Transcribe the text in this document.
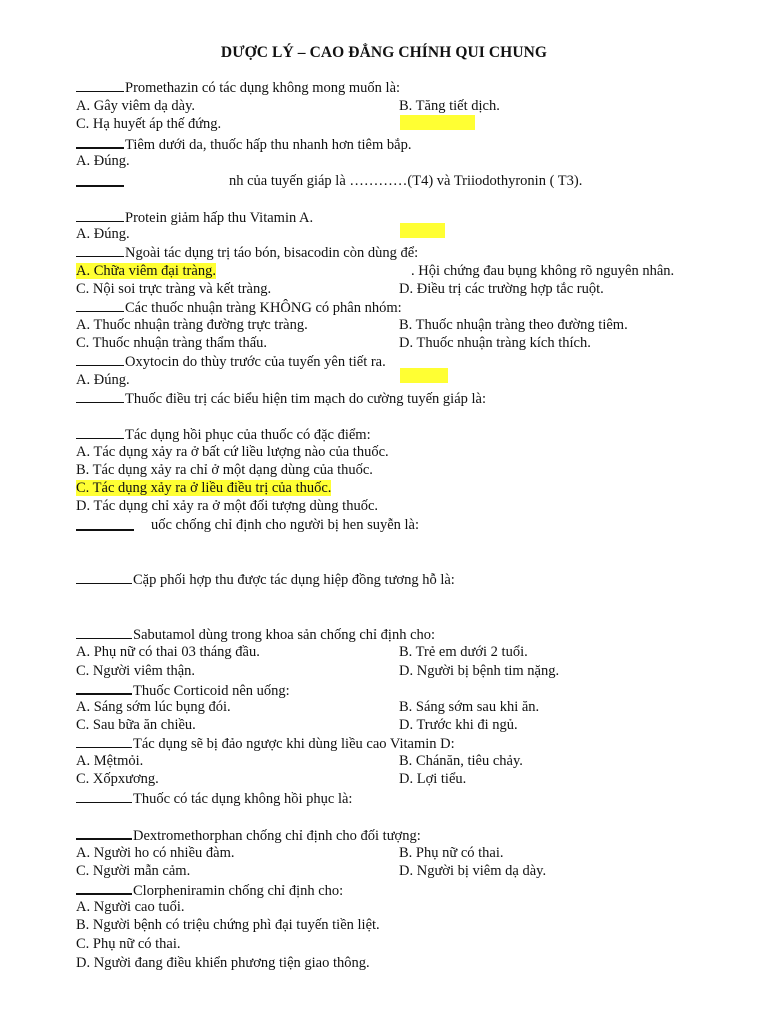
DƯỢC LÝ – CAO ĐẲNG CHÍNH QUI CHUNG
Promethazin có tác dụng không mong muốn là:
A. Gây viêm dạ dày.	B. Tăng tiết dịch.
C. Hạ huyết áp thế đứng.
Tiêm dưới da, thuốc hấp thu nhanh hơn tiêm bắp.
A. Đúng.
nh của tuyến giáp là …………(T4) và Triiodothyronin ( T3).
Protein giảm hấp thu Vitamin A.
A. Đúng.
Ngoài tác dụng trị táo bón, bisacodin còn dùng để:
A. Chữa viêm đại tràng.	. Hội chứng đau bụng không rõ nguyên nhân.
C. Nội soi trực tràng và kết tràng.	D. Điều trị các trường hợp tắc ruột.
Các thuốc nhuận tràng KHÔNG có phân nhóm:
A. Thuốc nhuận tràng đường trực tràng.	B. Thuốc nhuận tràng theo đường tiêm.
C. Thuốc nhuận tràng thẩm thấu.	D. Thuốc nhuận tràng kích thích.
Oxytocin do thùy trước của tuyến yên tiết ra.
A. Đúng.
Thuốc điều trị các biểu hiện tim mạch do cường tuyến giáp là:
Tác dụng hồi phục của thuốc có đặc điểm:
A. Tác dụng xảy ra ở bất cứ liều lượng nào của thuốc.
B. Tác dụng xảy ra chỉ ở một dạng dùng của thuốc.
C. Tác dụng xảy ra ở liều điều trị của thuốc.
D. Tác dụng chỉ xảy ra ở một đối tượng dùng thuốc.
uốc chống chỉ định cho người bị hen suyễn là:
Cặp phối hợp thu được tác dụng hiệp đồng tương hỗ là:
Sabutamol dùng trong khoa sản chống chỉ định cho:
A. Phụ nữ có thai 03 tháng đầu.	B. Trẻ em dưới 2 tuổi.
C. Người viêm thận.	D. Người bị bệnh tim nặng.
Thuốc Corticoid nên uống:
A. Sáng sớm lúc bụng đói.	B. Sáng sớm sau khi ăn.
C. Sau bữa ăn chiều.	D. Trước khi đi ngủ.
Tác dụng sẽ bị đảo ngược khi dùng liều cao Vitamin D:
A. Mệtmỏi.	B. Chánăn, tiêu chảy.
C. Xốpxương.	D. Lợi tiểu.
Thuốc có tác dụng không hồi phục là:
Dextromethorphan chống chỉ định cho đối tượng:
A. Người ho có nhiều đàm.	B. Phụ nữ có thai.
C. Người mẫn cảm.	D. Người bị viêm dạ dày.
Clorpheniramin chống chỉ định cho:
A. Người cao tuổi.
B. Người bệnh có triệu chứng phì đại tuyến tiền liệt.
C. Phụ nữ có thai.
D. Người đang điều khiển phương tiện giao thông.
